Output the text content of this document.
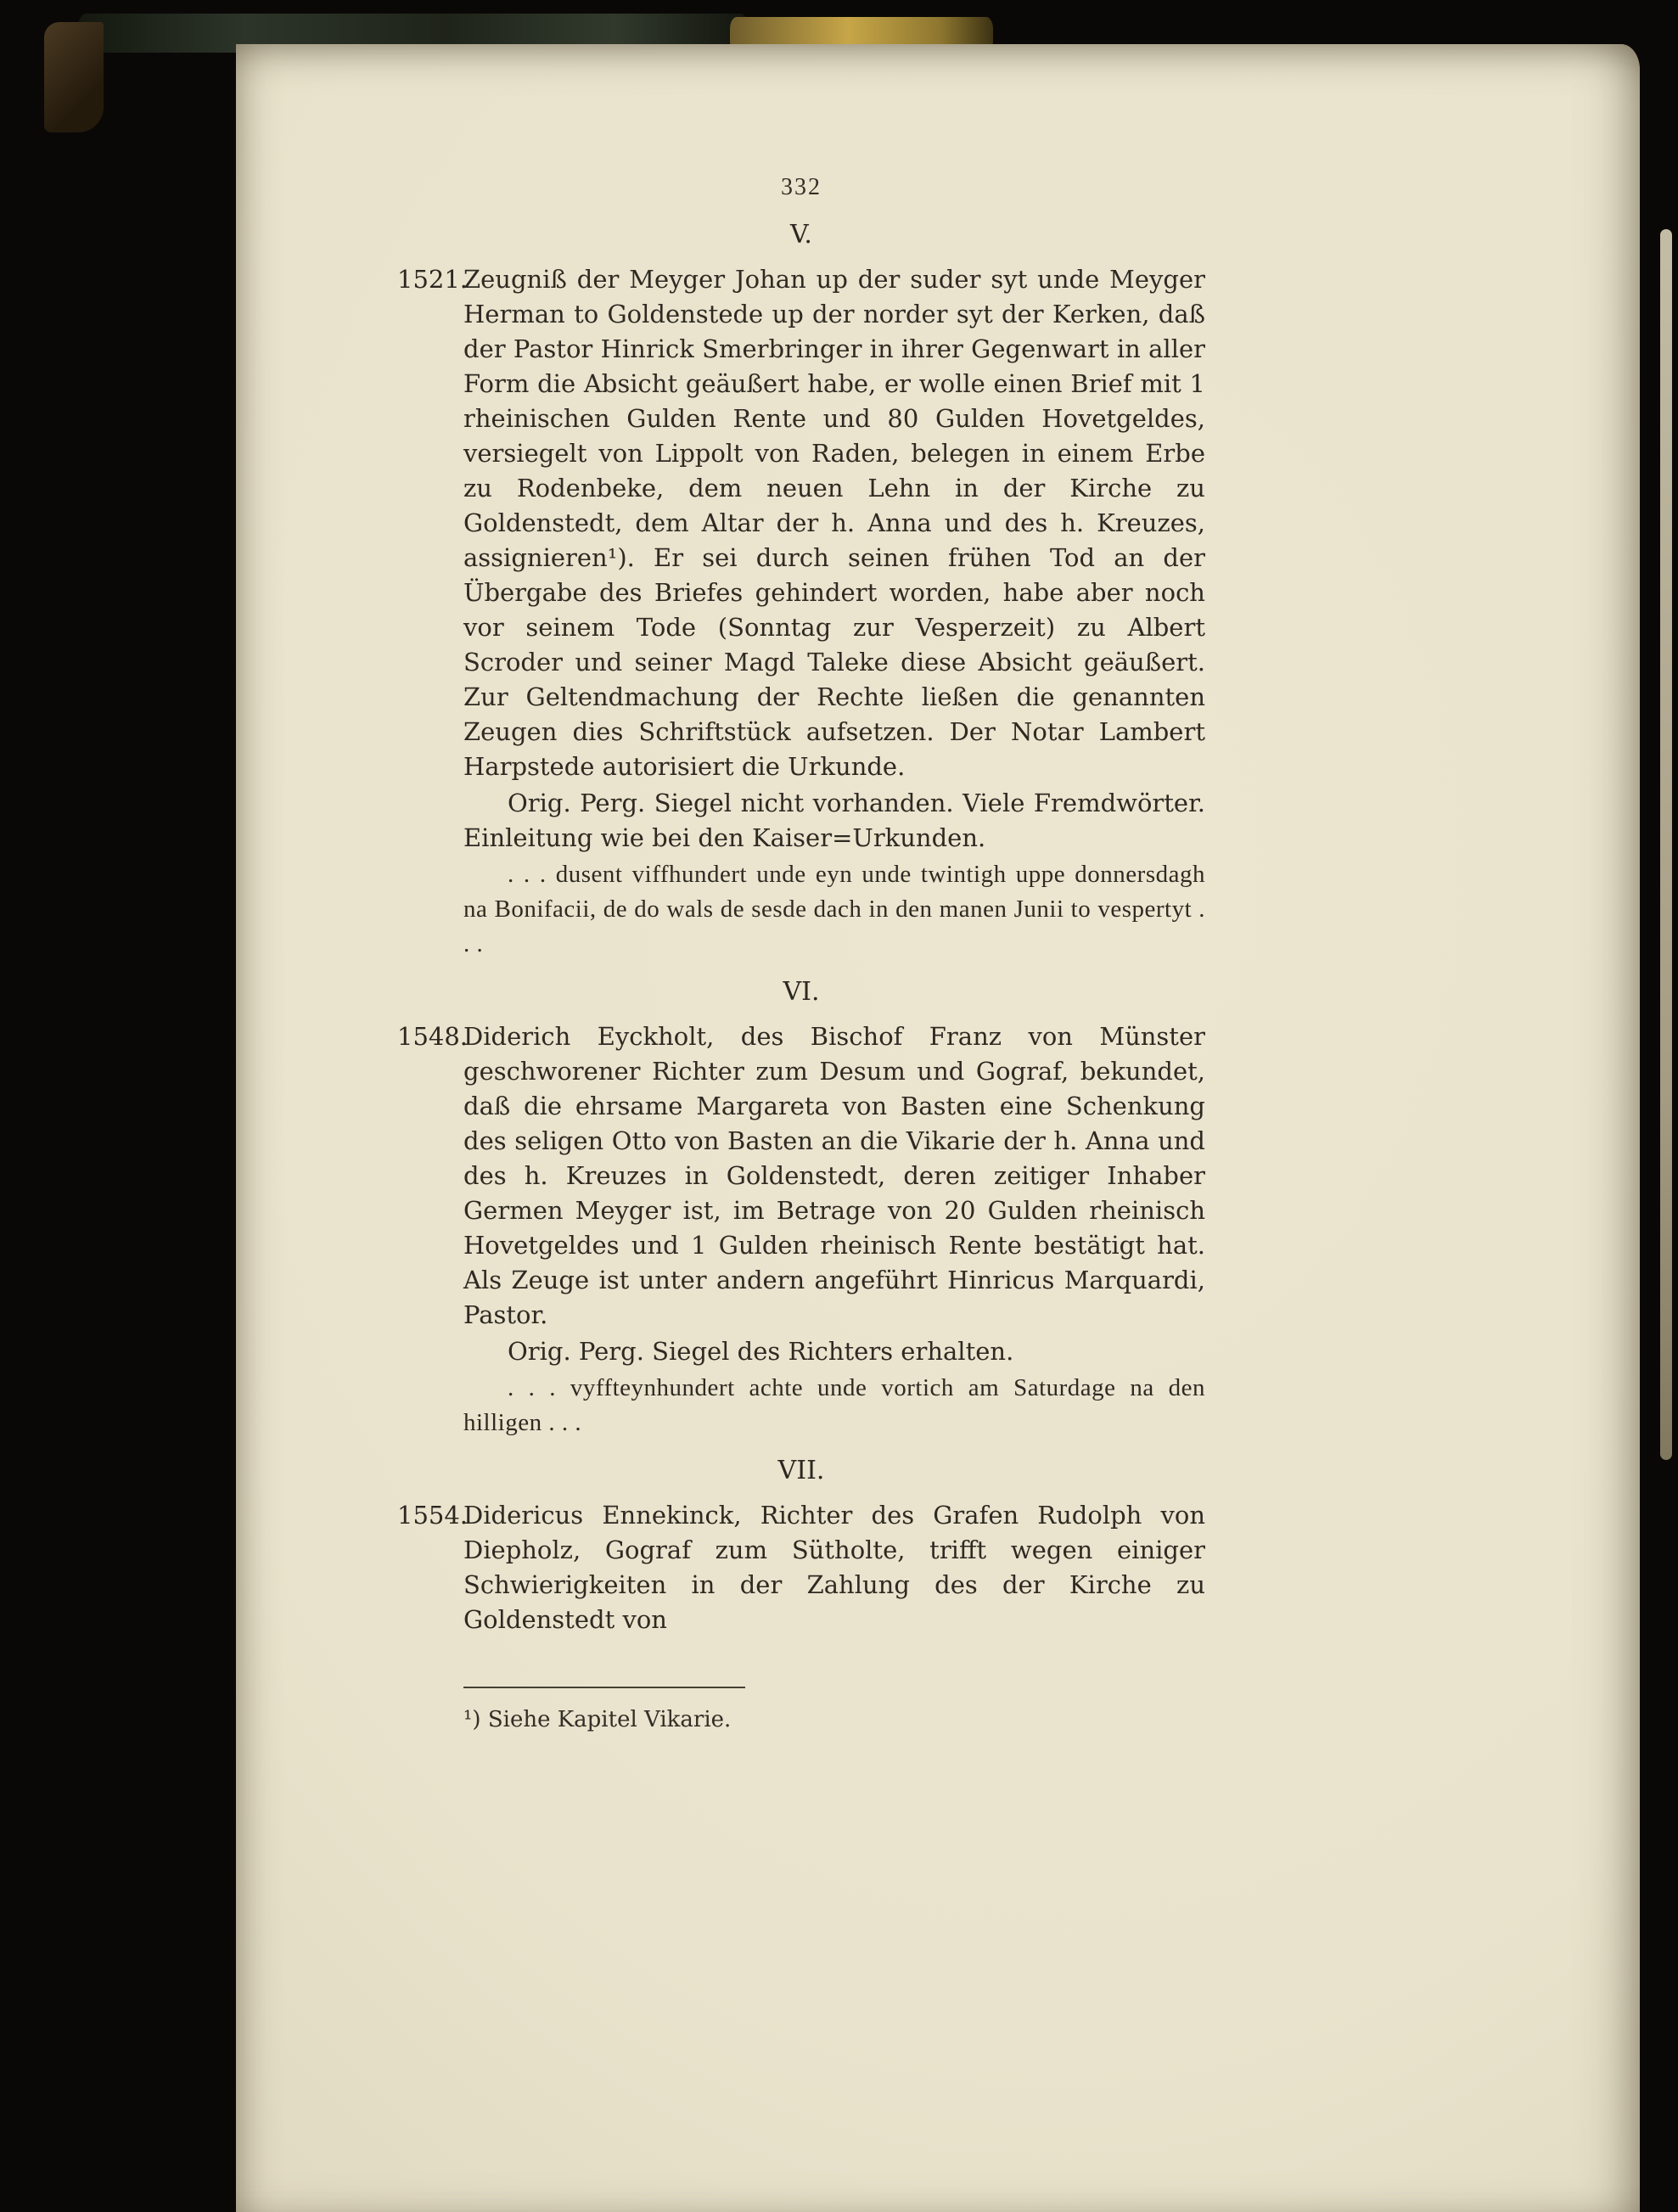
332
V.
1521.

Zeugniß der Meyger Johan up der suder syt unde Meyger Herman to Goldenstede up der norder syt der Kerken, daß der Pastor Hinrick Smerbringer in ihrer Gegenwart in aller Form die Absicht geäußert habe, er wolle einen Brief mit 1 rheinischen Gulden Rente und 80 Gulden Hovetgeldes, versiegelt von Lippolt von Raden, belegen in einem Erbe zu Rodenbeke, dem neuen Lehn in der Kirche zu Goldenstedt, dem Altar der h. Anna und des h. Kreuzes, assignieren¹). Er sei durch seinen frühen Tod an der Übergabe des Briefes gehindert worden, habe aber noch vor seinem Tode (Sonntag zur Vesperzeit) zu Albert Scroder und seiner Magd Taleke diese Absicht geäußert. Zur Geltendmachung der Rechte ließen die genannten Zeugen dies Schriftstück aufsetzen. Der Notar Lambert Harpstede autorisiert die Urkunde.

Orig. Perg. Siegel nicht vorhanden. Viele Fremdwörter. Einleitung wie bei den Kaiser=Urkunden.

. . . dusent viffhundert unde eyn unde twintigh uppe donnersdagh na Bonifacii, de do wals de sesde dach in den manen Junii to vespertyt . . .

VI.
1548.

Diderich Eyckholt, des Bischof Franz von Münster geschworener Richter zum Desum und Gograf, bekundet, daß die ehrsame Margareta von Basten eine Schenkung des seligen Otto von Basten an die Vikarie der h. Anna und des h. Kreuzes in Goldenstedt, deren zeitiger Inhaber Germen Meyger ist, im Betrage von 20 Gulden rheinisch Hovetgeldes und 1 Gulden rheinisch Rente bestätigt hat. Als Zeuge ist unter andern angeführt Hinricus Marquardi, Pastor.

Orig. Perg. Siegel des Richters erhalten.

. . . vyffteynhundert achte unde vortich am Saturdage na den hilligen . . .

VII.
1554.

Didericus Ennekinck, Richter des Grafen Rudolph von Diepholz, Gograf zum Sütholte, trifft wegen einiger Schwierigkeiten in der Zahlung des der Kirche zu Goldenstedt von

¹) Siehe Kapitel Vikarie.
